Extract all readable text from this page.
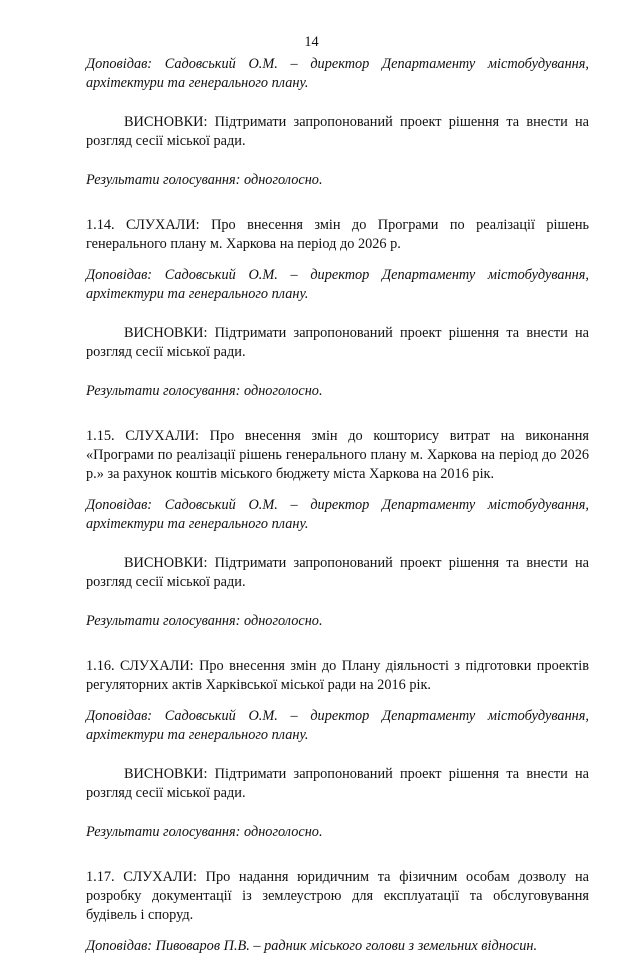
14

Доповідав: Садовський О.М. – директор Департаменту містобудування, архітектури та генерального плану.

ВИСНОВКИ: Підтримати запропонований проект рішення та внести на розгляд сесії міської ради.

Результати голосування: одноголосно.

1.14. СЛУХАЛИ: Про внесення змін до Програми по реалізації рішень генерального плану м. Харкова на період до 2026 р.

Доповідав: Садовський О.М. – директор Департаменту містобудування, архітектури та генерального плану.

ВИСНОВКИ: Підтримати запропонований проект рішення та внести на розгляд сесії міської ради.

Результати голосування: одноголосно.

1.15. СЛУХАЛИ: Про внесення змін до кошторису витрат на виконання «Програми по реалізації рішень генерального плану м. Харкова на період до 2026 р.» за рахунок коштів міського бюджету міста Харкова на 2016 рік.

Доповідав: Садовський О.М. – директор Департаменту містобудування, архітектури та генерального плану.

ВИСНОВКИ: Підтримати запропонований проект рішення та внести на розгляд сесії міської ради.

Результати голосування: одноголосно.

1.16. СЛУХАЛИ: Про внесення змін до Плану діяльності з підготовки проектів регуляторних актів Харківської міської ради на 2016 рік.

Доповідав: Садовський О.М. – директор Департаменту містобудування, архітектури та генерального плану.

ВИСНОВКИ: Підтримати запропонований проект рішення та внести на розгляд сесії міської ради.

Результати голосування: одноголосно.

1.17. СЛУХАЛИ: Про надання юридичним та фізичним особам дозволу на розробку документації із землеустрою для експлуатації та обслуговування будівель і споруд.

Доповідав: Пивоваров П.В. – радник міського голови з земельних відносин.
